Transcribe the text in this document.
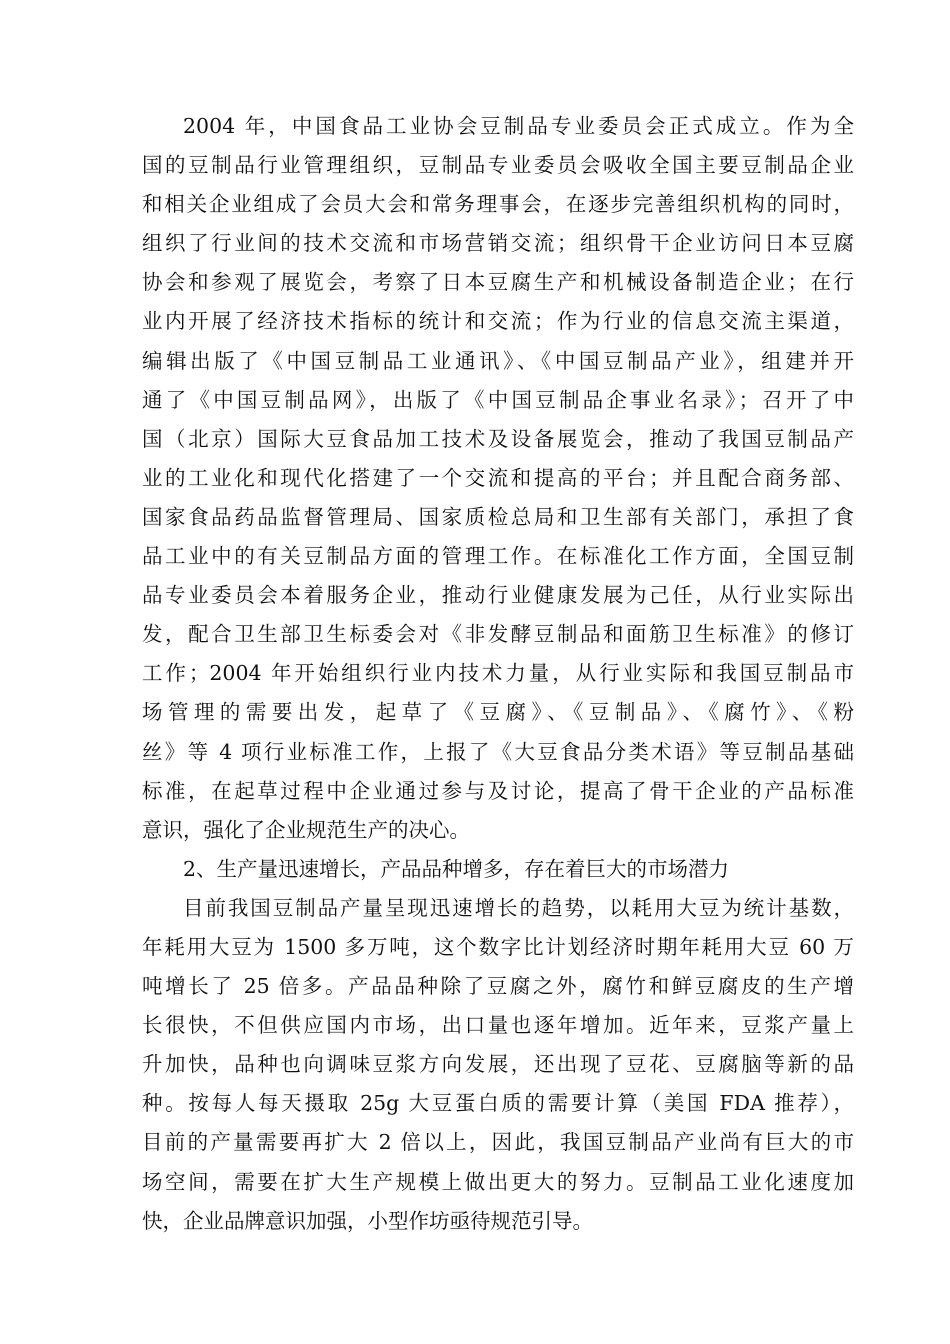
2004 年，中国食品工业协会豆制品专业委员会正式成立。作为全
国的豆制品行业管理组织，豆制品专业委员会吸收全国主要豆制品企业
和相关企业组成了会员大会和常务理事会，在逐步完善组织机构的同时，
组织了行业间的技术交流和市场营销交流；组织骨干企业访问日本豆腐
协会和参观了展览会，考察了日本豆腐生产和机械设备制造企业；在行
业内开展了经济技术指标的统计和交流；作为行业的信息交流主渠道，
编辑出版了《中国豆制品工业通讯》、《中国豆制品产业》，组建并开
通了《中国豆制品网》，出版了《中国豆制品企事业名录》；召开了中
国（北京）国际大豆食品加工技术及设备展览会，推动了我国豆制品产
业的工业化和现代化搭建了一个交流和提高的平台；并且配合商务部、
国家食品药品监督管理局、国家质检总局和卫生部有关部门，承担了食
品工业中的有关豆制品方面的管理工作。在标准化工作方面，全国豆制
品专业委员会本着服务企业，推动行业健康发展为己任，从行业实际出
发，配合卫生部卫生标委会对《非发酵豆制品和面筋卫生标准》的修订
工作；2004 年开始组织行业内技术力量，从行业实际和我国豆制品市
场管理的需要出发，起草了《豆腐》、《豆制品》、《腐竹》、《粉
丝》等 4 项行业标准工作，上报了《大豆食品分类术语》等豆制品基础
标准，在起草过程中企业通过参与及讨论，提高了骨干企业的产品标准
意识，强化了企业规范生产的决心。
2、生产量迅速增长，产品品种增多，存在着巨大的市场潜力
目前我国豆制品产量呈现迅速增长的趋势，以耗用大豆为统计基数，
年耗用大豆为 1500 多万吨，这个数字比计划经济时期年耗用大豆 60 万
吨增长了 25 倍多。产品品种除了豆腐之外，腐竹和鲜豆腐皮的生产增
长很快，不但供应国内市场，出口量也逐年增加。近年来，豆浆产量上
升加快，品种也向调味豆浆方向发展，还出现了豆花、豆腐脑等新的品
种。按每人每天摄取 25g 大豆蛋白质的需要计算（美国 FDA 推荐），
目前的产量需要再扩大 2 倍以上，因此，我国豆制品产业尚有巨大的市
场空间，需要在扩大生产规模上做出更大的努力。豆制品工业化速度加
快，企业品牌意识加强，小型作坊亟待规范引导。
